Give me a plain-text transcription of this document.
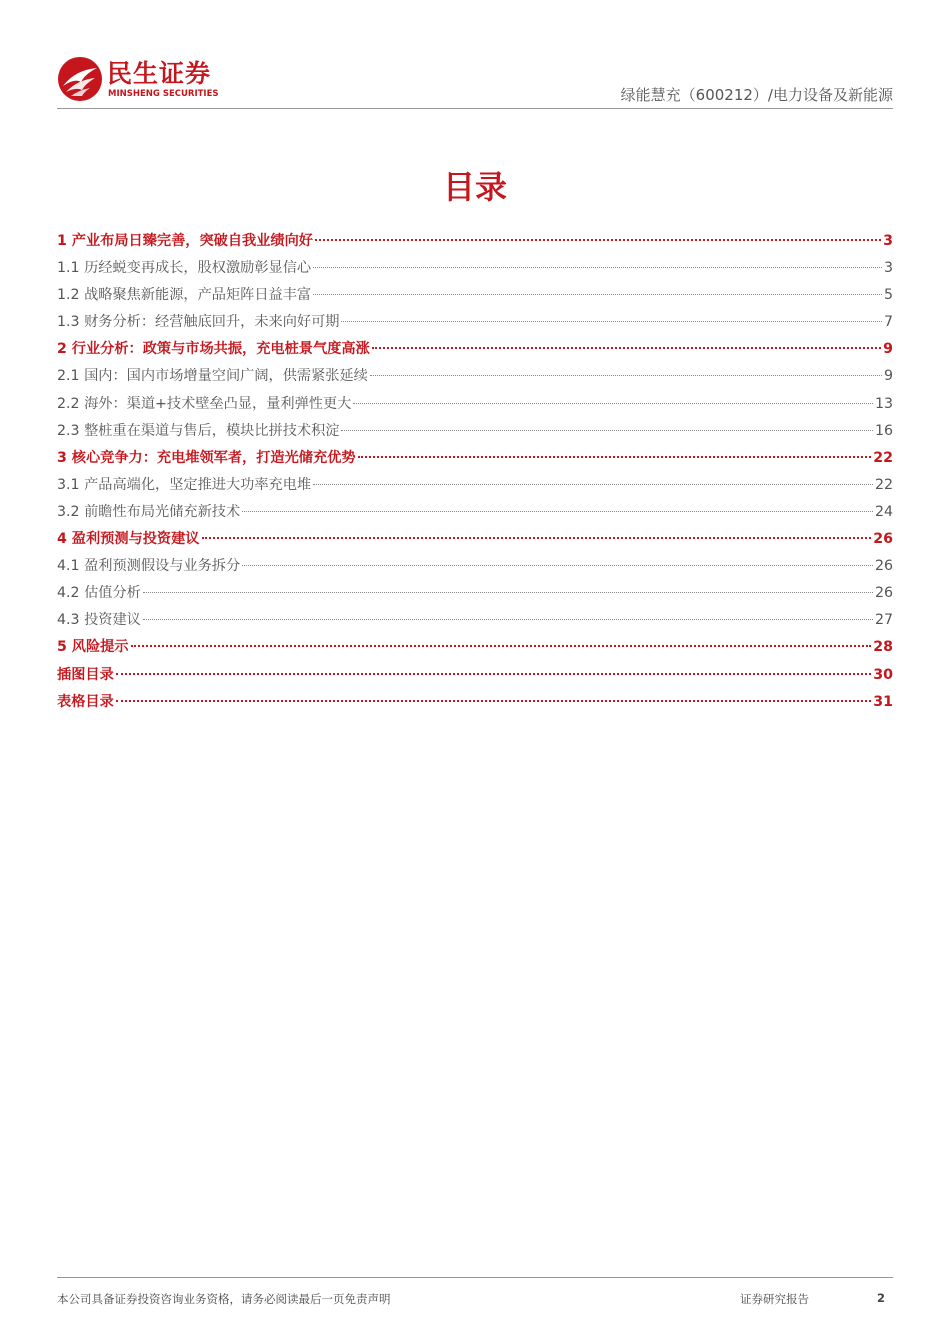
民生证券
MINSHENG SECURITIES	绿能慧充（600212）/电力设备及新能源
目录
1 产业布局日臻完善，突破自我业绩向好	3
1.1 历经蜕变再成长，股权激励彰显信心	3
1.2 战略聚焦新能源，产品矩阵日益丰富	5
1.3 财务分析：经营触底回升，未来向好可期	7
2 行业分析：政策与市场共振，充电桩景气度高涨	9
2.1 国内：国内市场增量空间广阔，供需紧张延续	9
2.2 海外：渠道+技术壁垒凸显，量利弹性更大	13
2.3 整桩重在渠道与售后，模块比拼技术积淀	16
3 核心竞争力：充电堆领军者，打造光储充优势	22
3.1 产品高端化，坚定推进大功率充电堆	22
3.2 前瞻性布局光储充新技术	24
4 盈利预测与投资建议	26
4.1 盈利预测假设与业务拆分	26
4.2 估值分析	26
4.3 投资建议	27
5 风险提示	28
插图目录	30
表格目录	31
本公司具备证券投资咨询业务资格，请务必阅读最后一页免责声明	证券研究报告	2
